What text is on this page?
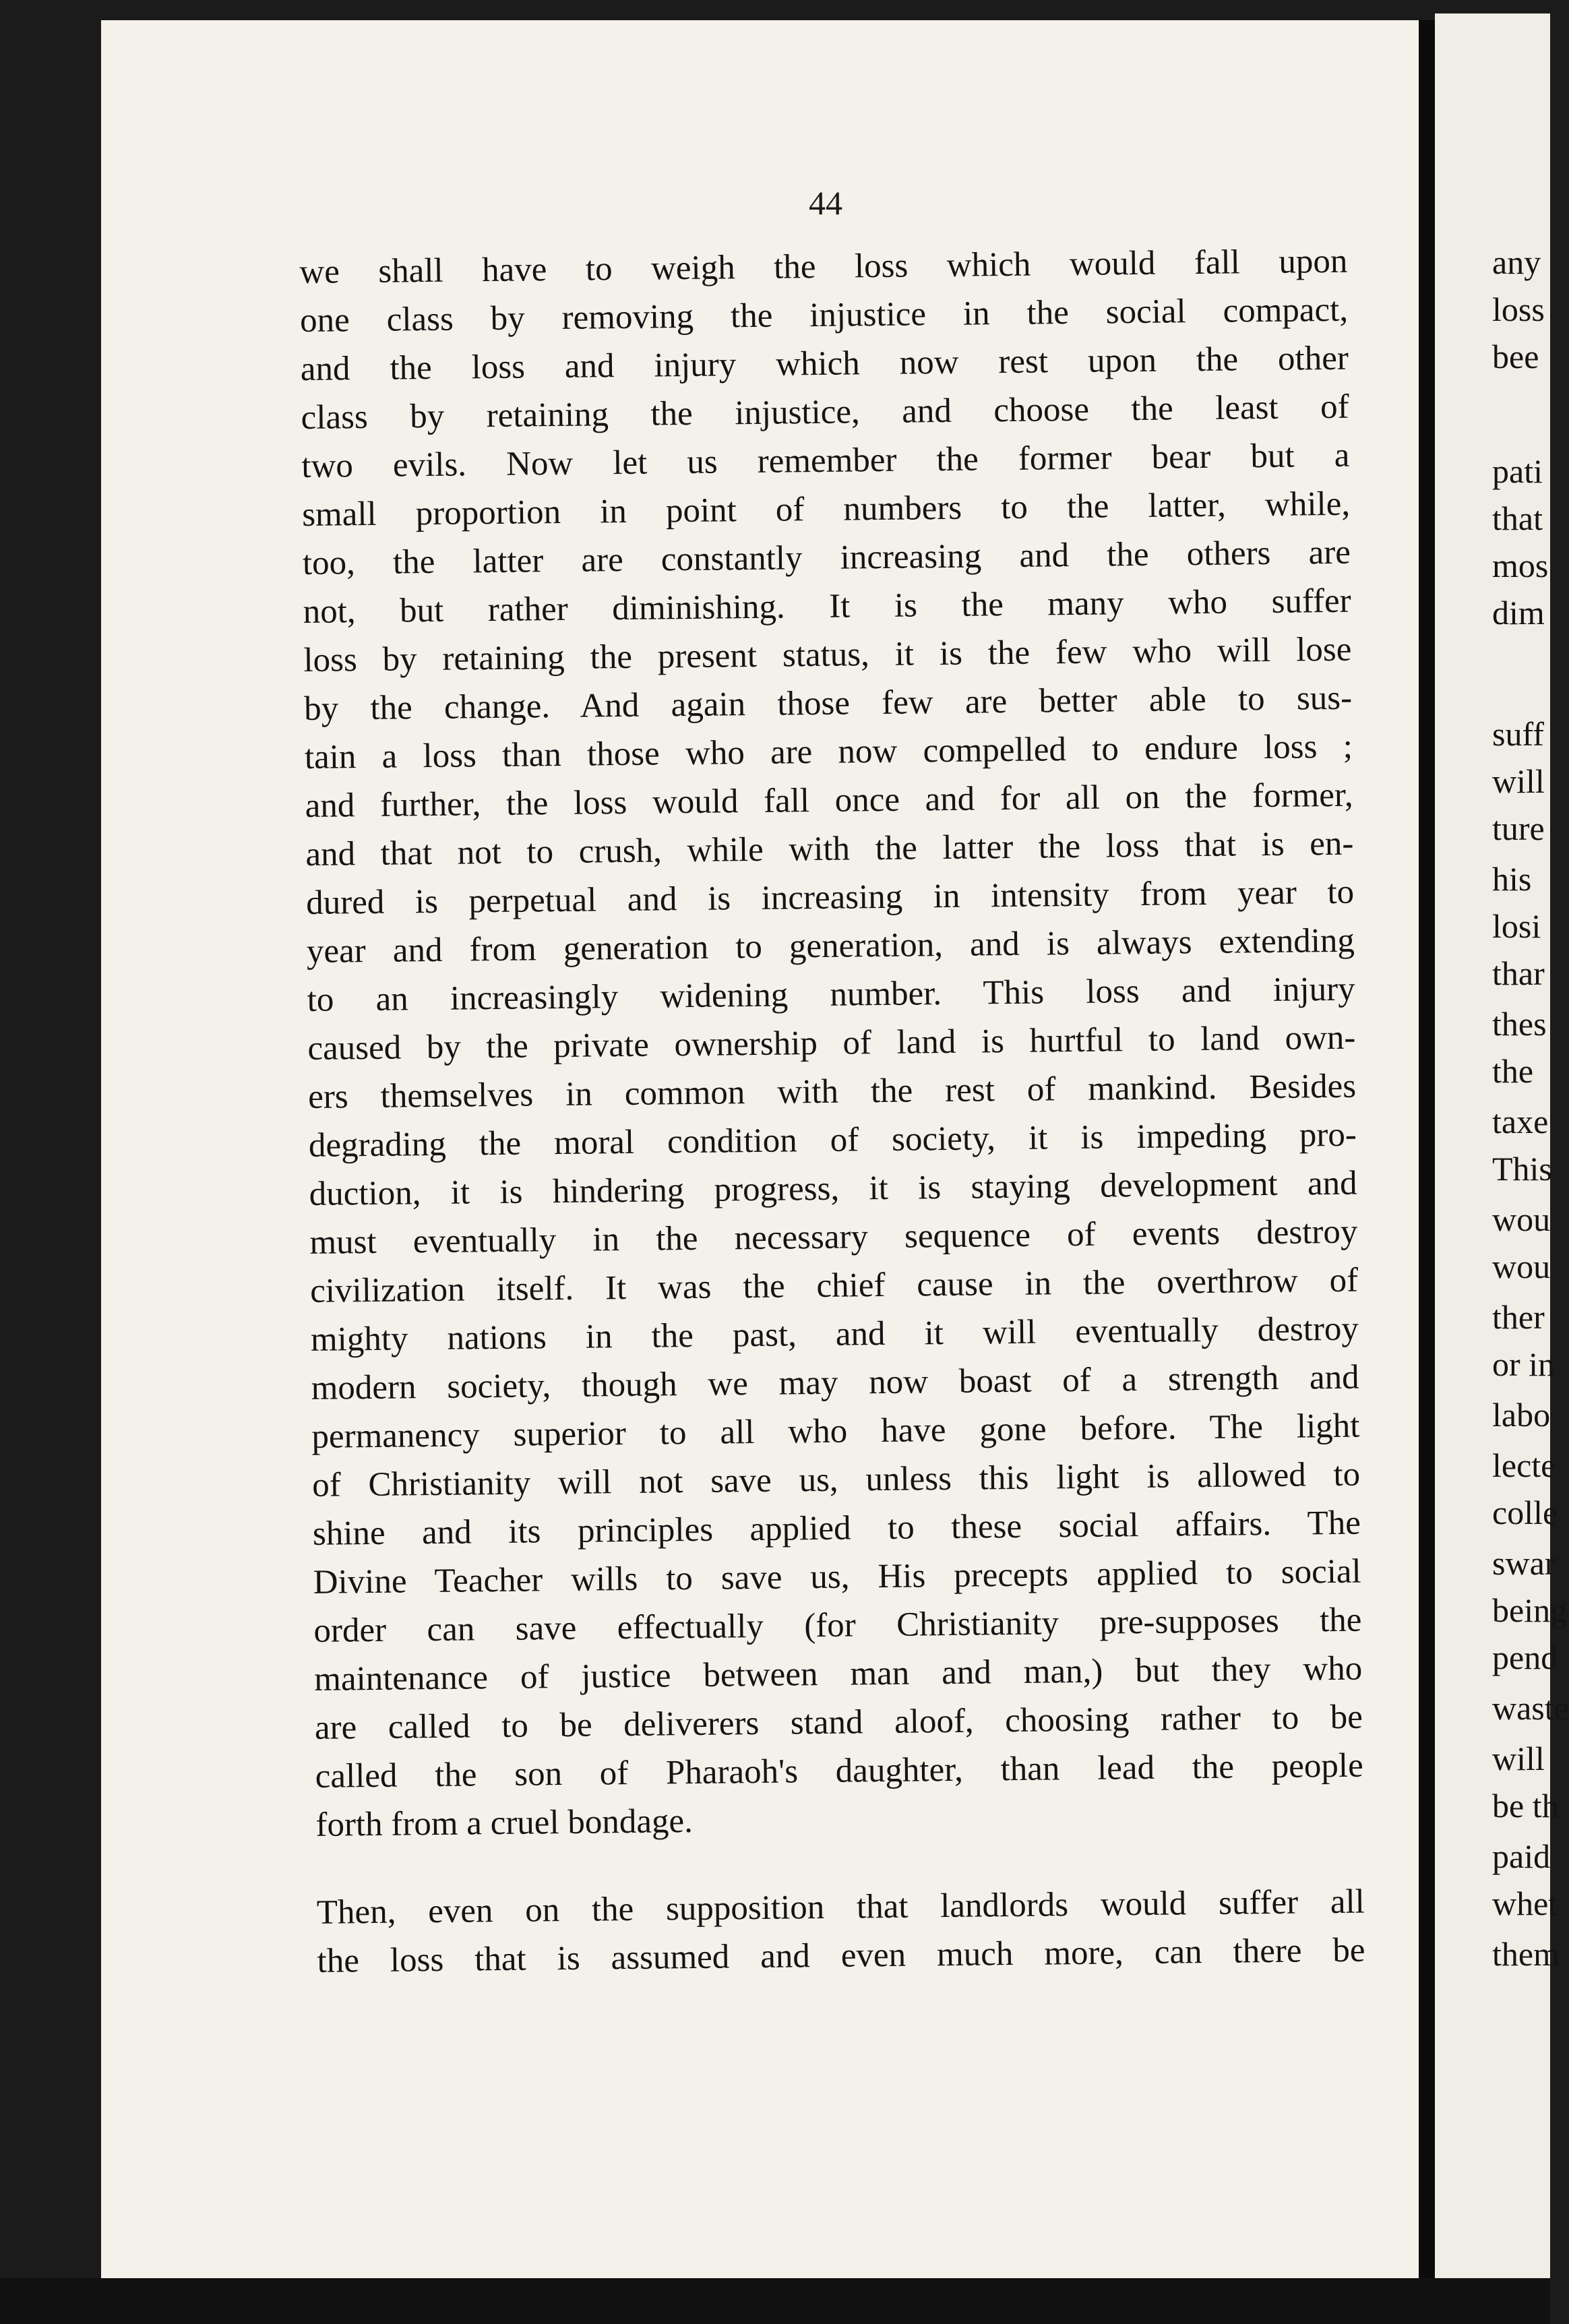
44
we shall have to weigh the loss which would fall upon
one class by removing the injustice in the social compact,
and the loss and injury which now rest upon the other
class by retaining the injustice, and choose the least of
two evils. Now let us remember the former bear but a
small proportion in point of numbers to the latter, while,
too, the latter are constantly increasing and the others are
not, but rather diminishing. It is the many who suffer
loss by retaining the present status, it is the few who will lose
by the change. And again those few are better able to sus-
tain a loss than those who are now compelled to endure loss ;
and further, the loss would fall once and for all on the former,
and that not to crush, while with the latter the loss that is en-
dured is perpetual and is increasing in intensity from year to
year and from generation to generation, and is always extending
to an increasingly widening number. This loss and injury
caused by the private ownership of land is hurtful to land own-
ers themselves in common with the rest of mankind. Besides
degrading the moral condition of society, it is impeding pro-
duction, it is hindering progress, it is staying development and
must eventually in the necessary sequence of events destroy
civilization itself. It was the chief cause in the overthrow of
mighty nations in the past, and it will eventually destroy
modern society, though we may now boast of a strength and
permanency superior to all who have gone before. The light
of Christianity will not save us, unless this light is allowed to
shine and its principles applied to these social affairs. The
Divine Teacher wills to save us, His precepts applied to social
order can save effectually (for Christianity pre-supposes the
maintenance of justice between man and man,) but they who
are called to be deliverers stand aloof, choosing rather to be
called the son of Pharaoh's daughter, than lead the people
forth from a cruel bondage.
Then, even on the supposition that landlords would suffer all
the loss that is assumed and even much more, can there be
any
loss
bee
pati
that
mos
dim
suff
will
ture
his
losi
thar
thes
the
taxe
This
wou
wou
ther
or in
labo
lecte
colle
swar
being
pend
waste
will
be th
paid
whet
them
